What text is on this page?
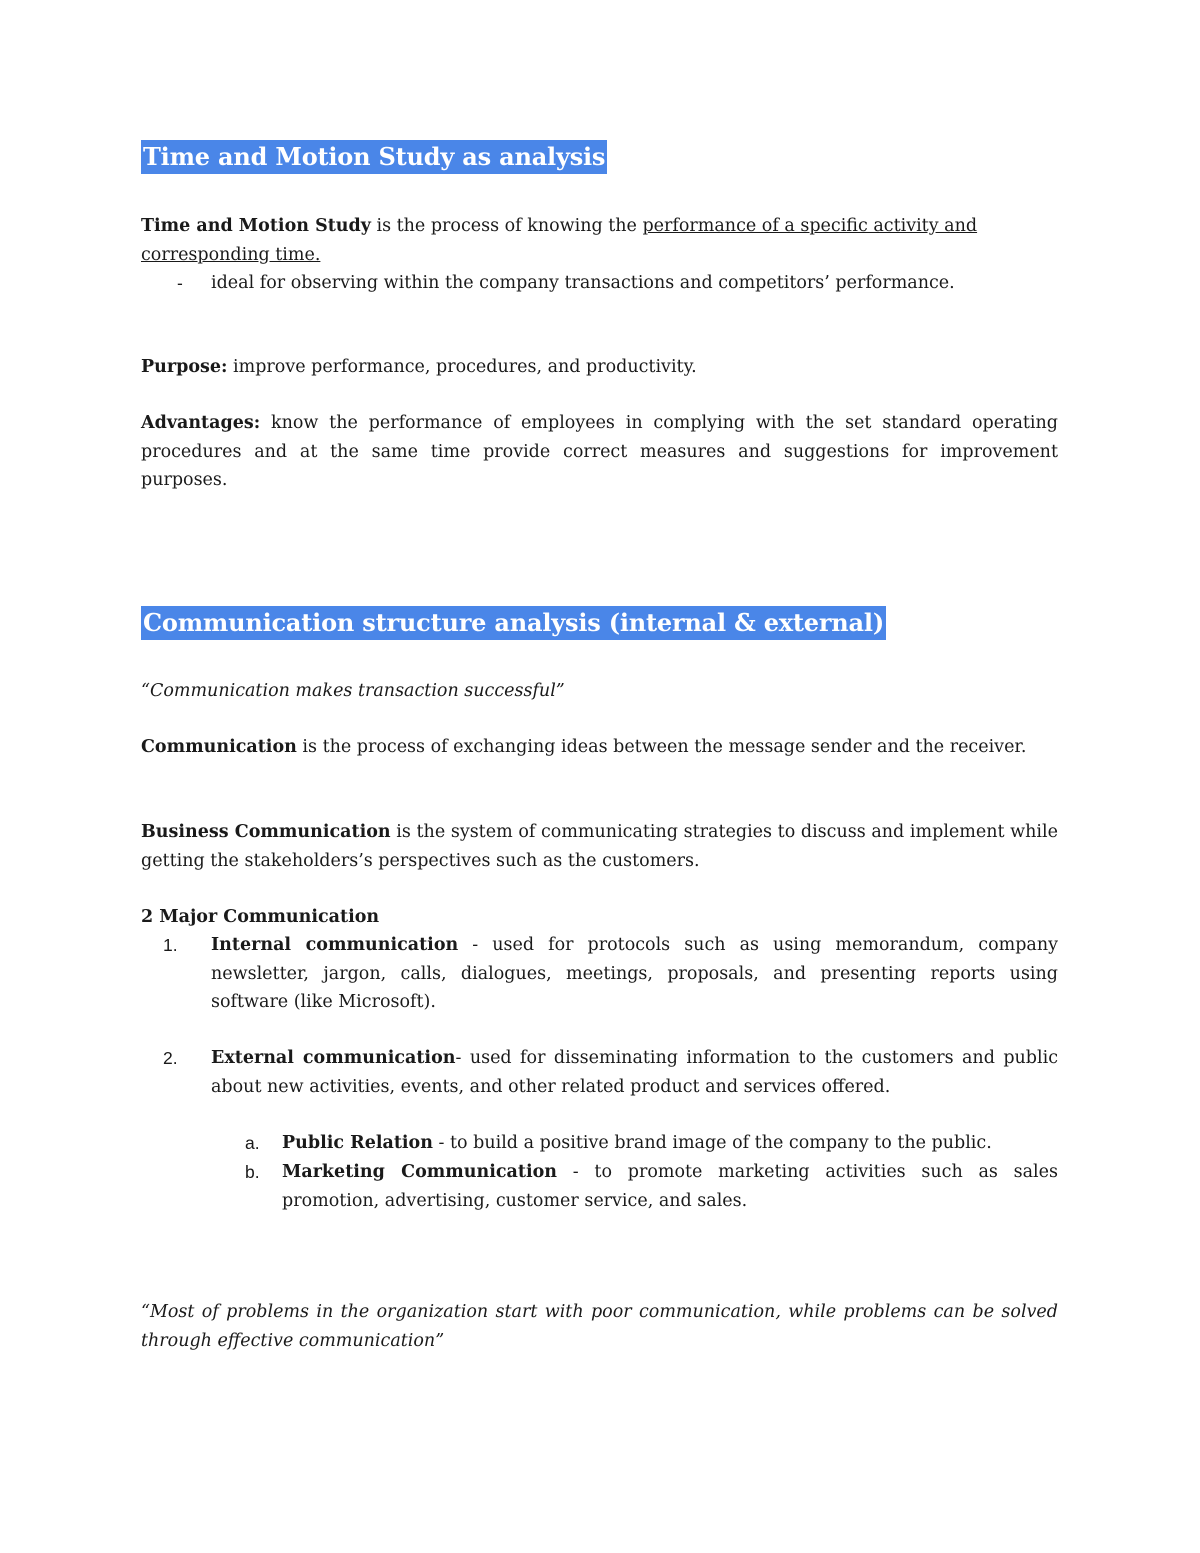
Time and Motion Study as analysis

Time and Motion Study is the process of knowing the performance of a specific activity and corresponding time.

- ideal for observing within the company transactions and competitors’ performance.

Purpose: improve performance, procedures, and productivity.

Advantages: know the performance of employees in complying with the set standard operating procedures and at the same time provide correct measures and suggestions for improvement purposes.

Communication structure analysis (internal & external)

“Communication makes transaction successful”

Communication is the process of exchanging ideas between the message sender and the receiver.

Business Communication is the system of communicating strategies to discuss and implement while getting the stakeholders’s perspectives such as the customers.

2 Major Communication

1. Internal communication - used for protocols such as using memorandum, company newsletter, jargon, calls, dialogues, meetings, proposals, and presenting reports using software (like Microsoft).

2. External communication- used for disseminating information to the customers and public about new activities, events, and other related product and services offered.

a. Public Relation - to build a positive brand image of the company to the public.

b. Marketing Communication - to promote marketing activities such as sales promotion, advertising, customer service, and sales.

“Most of problems in the organization start with poor communication, while problems can be solved through effective communication”
